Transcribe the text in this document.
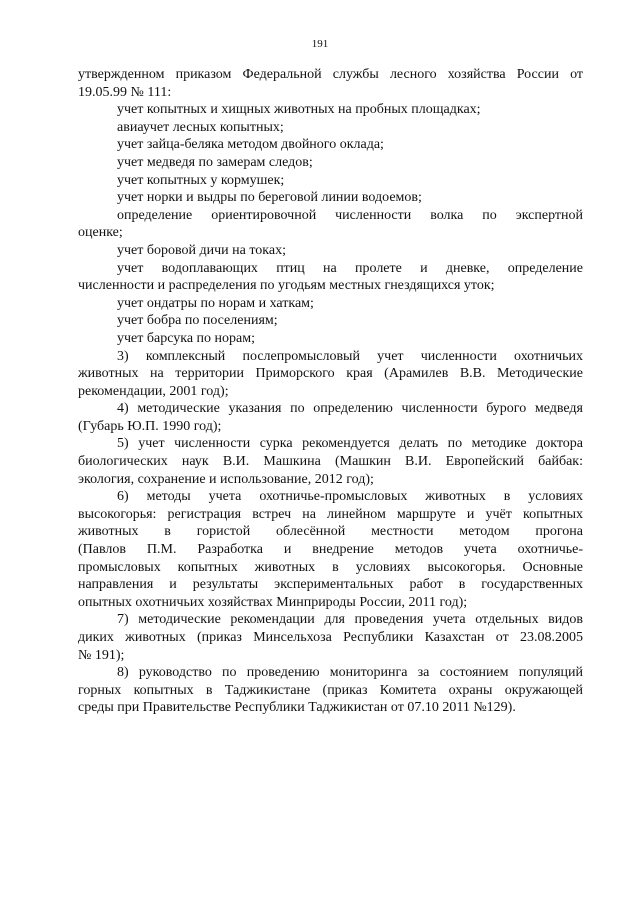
191
утвержденном приказом Федеральной службы лесного хозяйства России от
19.05.99 № 111:
учет копытных и хищных животных на пробных площадках;
авиаучет лесных копытных;
учет зайца-беляка методом двойного оклада;
учет медведя по замерам следов;
учет копытных у кормушек;
учет норки и выдры по береговой линии водоемов;
определение ориентировочной численности волка по экспертной
оценке;
учет боровой дичи на токах;
учет водоплавающих птиц на пролете и дневке, определение
численности и распределения по угодьям местных гнездящихся уток;
учет ондатры по норам и хаткам;
учет бобра по поселениям;
учет барсука по норам;
3) комплексный послепромысловый учет численности охотничьих
животных на территории Приморского края (Арамилев В.В. Методические
рекомендации, 2001 год);
4) методические указания по определению численности бурого медведя
(Губарь Ю.П. 1990 год);
5) учет численности сурка рекомендуется делать по методике доктора
биологических наук В.И. Машкина (Машкин В.И. Европейский байбак:
экология, сохранение и использование, 2012 год);
6) методы учета охотничье-промысловых животных в условиях
высокогорья: регистрация встреч на линейном маршруте и учёт копытных
животных в гористой облесённой местности методом прогона
(Павлов П.М. Разработка и внедрение методов учета охотничье-
промысловых копытных животных в условиях высокогорья. Основные
направления и результаты экспериментальных работ в государственных
опытных охотничьих хозяйствах Минприроды России, 2011 год);
7) методические рекомендации для проведения учета отдельных видов
диких животных (приказ Минсельхоза Республики Казахстан от 23.08.2005
№ 191);
8) руководство по проведению мониторинга за состоянием популяций
горных копытных в Таджикистане (приказ Комитета охраны окружающей
среды при Правительстве Республики Таджикистан от 07.10 2011 №129).
